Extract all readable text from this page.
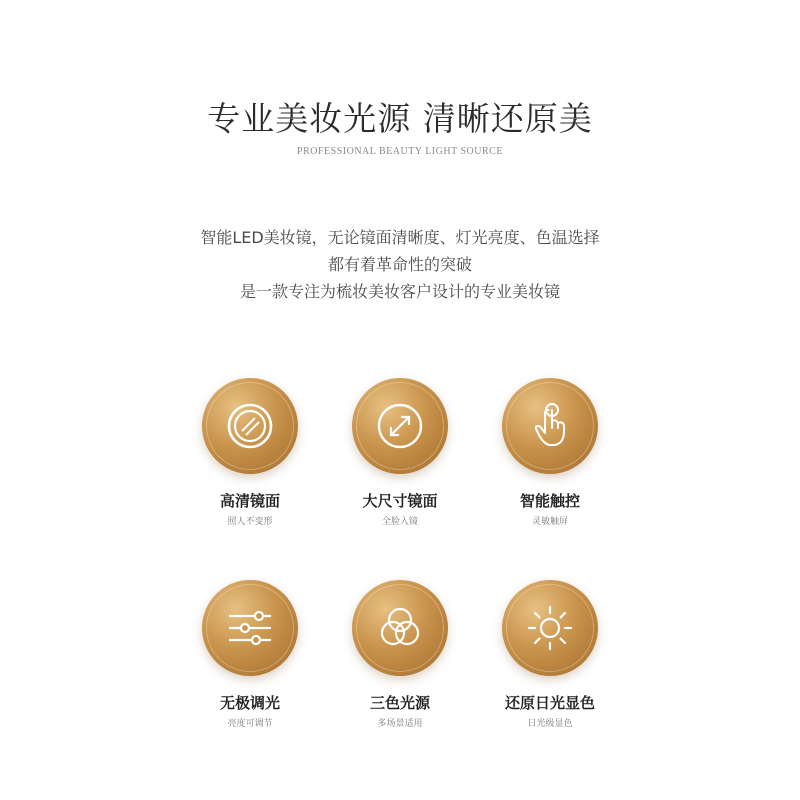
专业美妆光源 清晰还原美
PROFESSIONAL BEAUTY LIGHT SOURCE
智能LED美妆镜，无论镜面清晰度、灯光亮度、色温选择
都有着革命性的突破
是一款专注为梳妆美妆客户设计的专业美妆镜
高清镜面
照人不变形
大尺寸镜面
全脸入镜
智能触控
灵敏触屏
无极调光
亮度可调节
三色光源
多场景适用
还原日光显色
日光级显色
